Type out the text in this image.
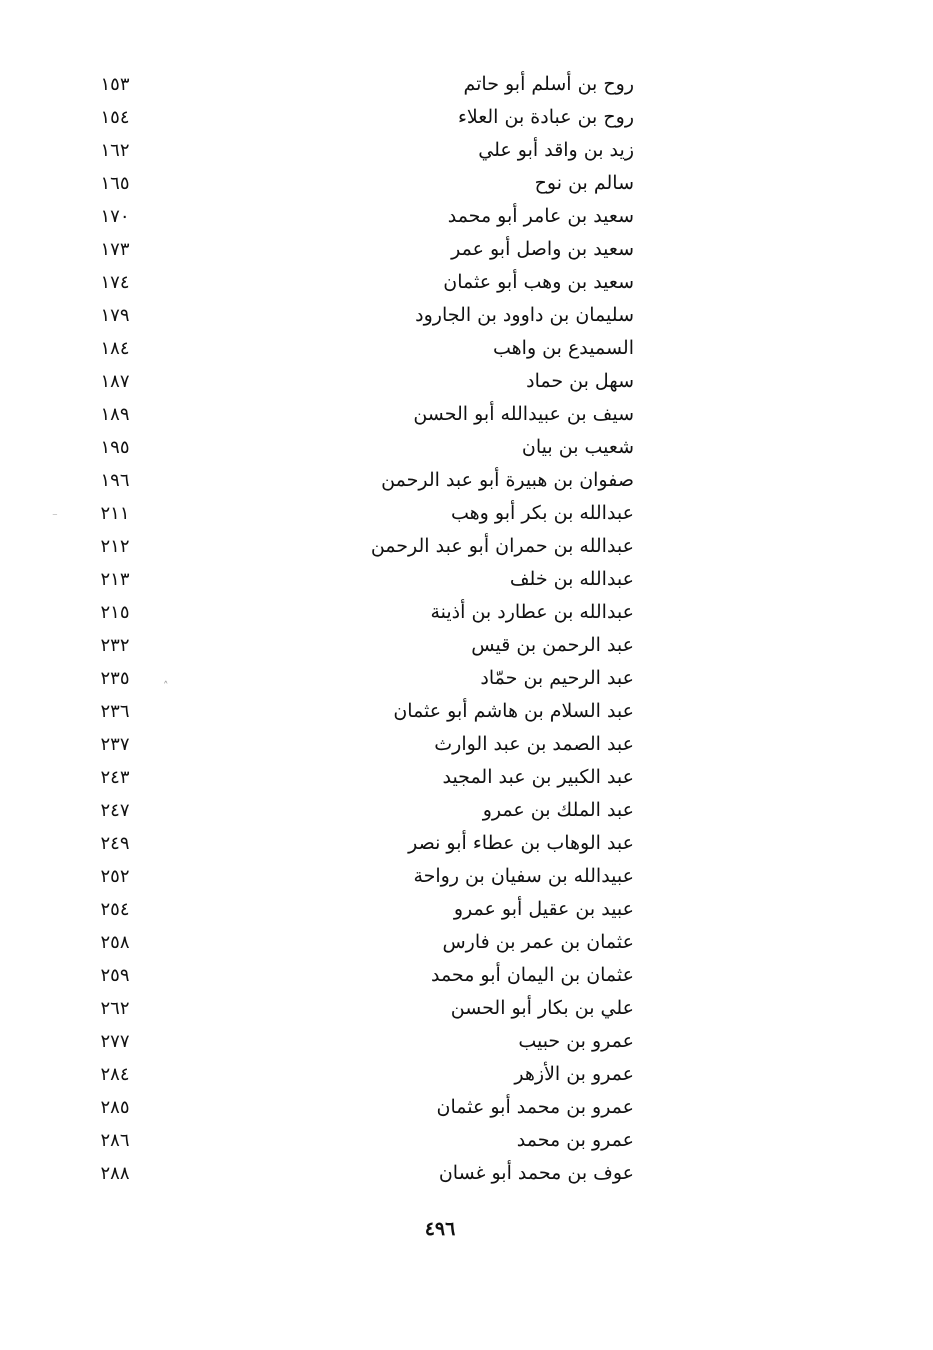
روح بن أسلم أبو حاتم
١٥٣
روح بن عبادة بن العلاء
١٥٤
زيد بن واقد أبو علي
١٦٢
سالم بن نوح
١٦٥
سعيد بن عامر أبو محمد
١٧٠
سعيد بن واصل أبو عمر
١٧٣
سعيد بن وهب أبو عثمان
١٧٤
سليمان بن داوود بن الجارود
١٧٩
السميدع بن واهب
١٨٤
سهل بن حماد
١٨٧
سيف بن عبيدالله أبو الحسن
١٨٩
شعيب بن بيان
١٩٥
صفوان بن هبيرة أبو عبد الرحمن
١٩٦
عبدالله بن بكر أبو وهب
٢١١
عبدالله بن حمران أبو عبد الرحمن
٢١٢
عبدالله بن خلف
٢١٣
عبدالله بن عطارد بن أذينة
٢١٥
عبد الرحمن بن قيس
٢٣٢
عبد الرحيم بن حمّاد
٢٣٥
عبد السلام بن هاشم أبو عثمان
٢٣٦
عبد الصمد بن عبد الوارث
٢٣٧
عبد الكبير بن عبد المجيد
٢٤٣
عبد الملك بن عمرو
٢٤٧
عبد الوهاب بن عطاء أبو نصر
٢٤٩
عبيدالله بن سفيان بن رواحة
٢٥٢
عبيد بن عقيل أبو عمرو
٢٥٤
عثمان بن عمر بن فارس
٢٥٨
عثمان بن اليمان أبو محمد
٢٥٩
علي بن بكار أبو الحسن
٢٦٢
عمرو بن حبيب
٢٧٧
عمرو بن الأزهر
٢٨٤
عمرو بن محمد أبو عثمان
٢٨٥
عمرو بن محمد
٢٨٦
عوف بن محمد أبو غسان
٢٨٨
⁻
˄
٤٩٦
